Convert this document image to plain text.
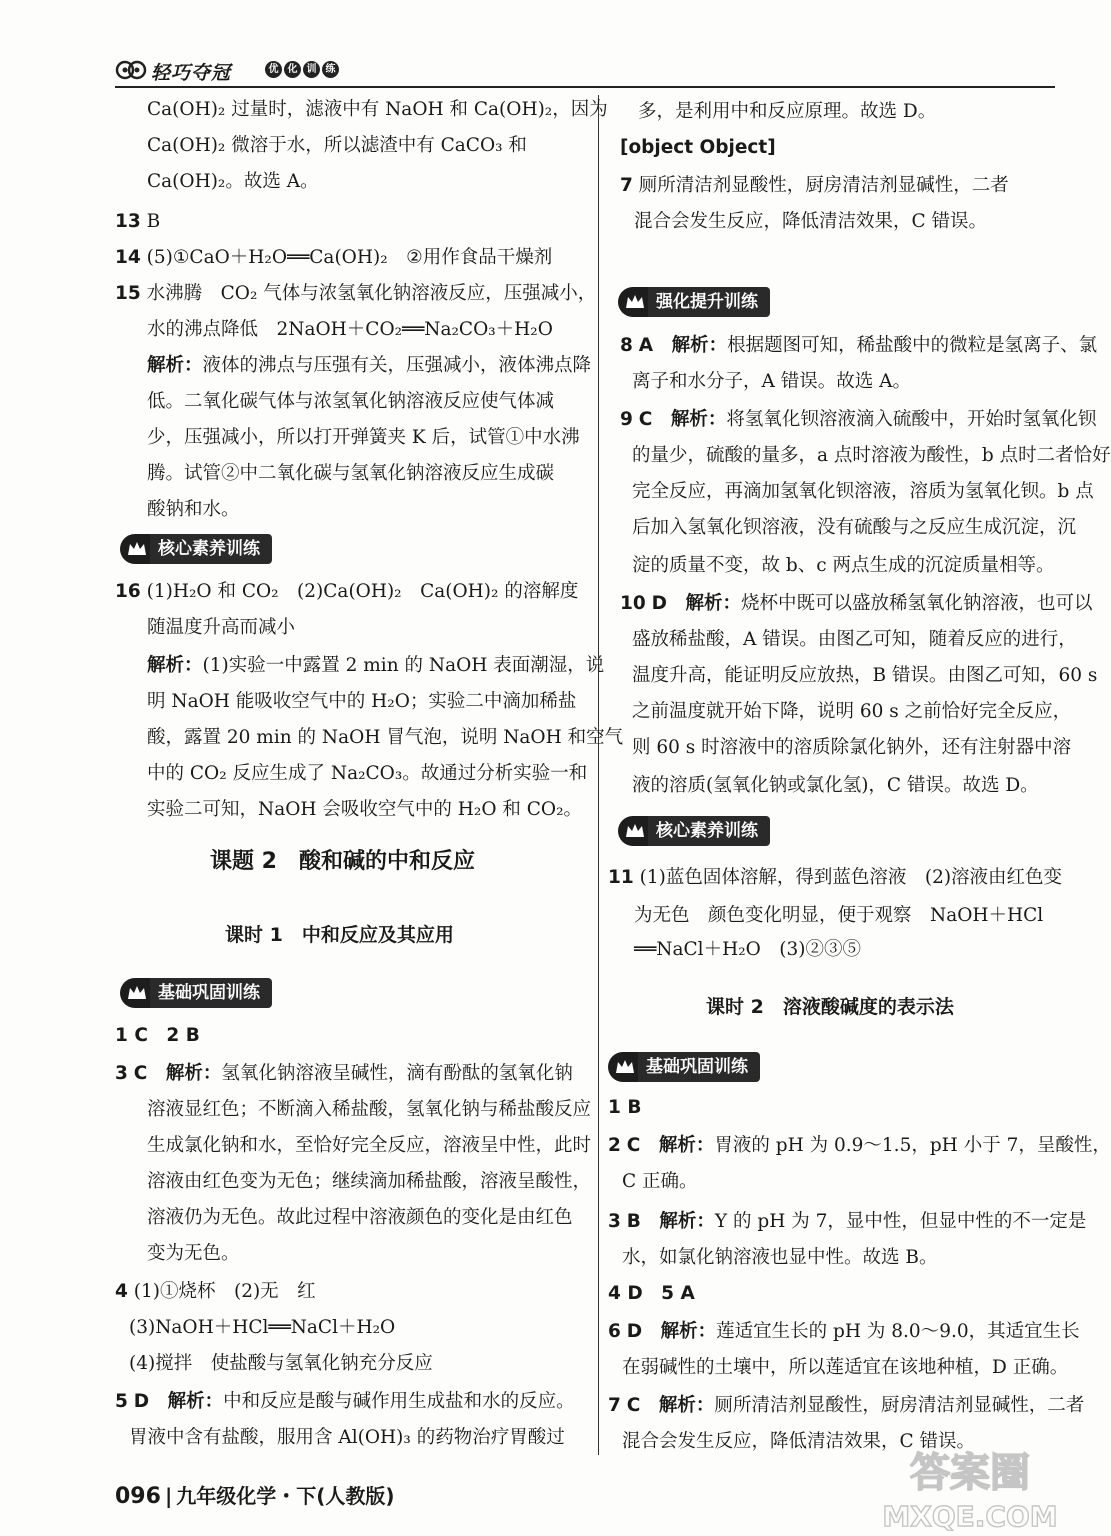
轻巧夺冠	优 化 训 练
Ca(OH)₂ 过量时，滤液中有 NaOH 和 Ca(OH)₂，因为
Ca(OH)₂ 微溶于水，所以滤渣中有 CaCO₃ 和
Ca(OH)₂。故选 A。
13 B
14 (5)①CaO＋H₂O══Ca(OH)₂　②用作食品干燥剂
15 水沸腾　CO₂ 气体与浓氢氧化钠溶液反应，压强减小，
水的沸点降低　2NaOH＋CO₂══Na₂CO₃＋H₂O
解析：液体的沸点与压强有关，压强减小，液体沸点降
低。二氧化碳气体与浓氢氧化钠溶液反应使气体减
少，压强减小，所以打开弹簧夹 K 后，试管①中水沸
腾。试管②中二氧化碳与氢氧化钠溶液反应生成碳
酸钠和水。
核心素养训练
16 (1)H₂O 和 CO₂　(2)Ca(OH)₂　Ca(OH)₂ 的溶解度
随温度升高而减小
解析：(1)实验一中露置 2 min 的 NaOH 表面潮湿，说
明 NaOH 能吸收空气中的 H₂O；实验二中滴加稀盐
酸，露置 20 min 的 NaOH 冒气泡，说明 NaOH 和空气
中的 CO₂ 反应生成了 Na₂CO₃。故通过分析实验一和
实验二可知，NaOH 会吸收空气中的 H₂O 和 CO₂。
课题 2　酸和碱的中和反应
课时 1　中和反应及其应用
基础巩固训练
1 C　2 B
3 C　 解析：氢氧化钠溶液呈碱性，滴有酚酞的氢氧化钠
溶液显红色；不断滴入稀盐酸，氢氧化钠与稀盐酸反应
生成氯化钠和水，至恰好完全反应，溶液呈中性，此时
溶液由红色变为无色；继续滴加稀盐酸，溶液呈酸性，
溶液仍为无色。故此过程中溶液颜色的变化是由红色
变为无色。
4 (1)①烧杯　(2)无　红
(3)NaOH＋HCl══NaCl＋H₂O
(4)搅拌　使盐酸与氢氧化钠充分反应
5 D　 解析：中和反应是酸与碱作用生成盐和水的反应。
胃液中含有盐酸，服用含 Al(OH)₃ 的药物治疗胃酸过
多，是利用中和反应原理。故选 D。
[object Object]
7 厕所清洁剂显酸性，厨房清洁剂显碱性，二者
混合会发生反应，降低清洁效果，C 错误。
强化提升训练
8 A　 解析：根据题图可知，稀盐酸中的微粒是氢离子、氯
离子和水分子，A 错误。故选 A。
9 C　 解析：将氢氧化钡溶液滴入硫酸中，开始时氢氧化钡
的量少，硫酸的量多，a 点时溶液为酸性，b 点时二者恰好
完全反应，再滴加氢氧化钡溶液，溶质为氢氧化钡。b 点
后加入氢氧化钡溶液，没有硫酸与之反应生成沉淀，沉
淀的质量不变，故 b、c 两点生成的沉淀质量相等。
10 D　 解析：烧杯中既可以盛放稀氢氧化钠溶液，也可以
盛放稀盐酸，A 错误。由图乙可知，随着反应的进行，
温度升高，能证明反应放热，B 错误。由图乙可知，60 s
之前温度就开始下降，说明 60 s 之前恰好完全反应，
则 60 s 时溶液中的溶质除氯化钠外，还有注射器中溶
液的溶质(氢氧化钠或氯化氢)，C 错误。故选 D。
核心素养训练
11 (1)蓝色固体溶解，得到蓝色溶液　(2)溶液由红色变
为无色　颜色变化明显，便于观察　NaOH＋HCl
══NaCl＋H₂O　(3)②③⑤
课时 2　溶液酸碱度的表示法
基础巩固训练
1 B
2 C　 解析：胃液的 pH 为 0.9～1.5，pH 小于 7，呈酸性，
C 正确。
3 B　 解析：Y 的 pH 为 7，显中性，但显中性的不一定是
水，如氯化钠溶液也显中性。故选 B。
4 D　5 A
6 D　 解析：莲适宜生长的 pH 为 8.0～9.0，其适宜生长
在弱碱性的土壤中，所以莲适宜在该地种植，D 正确。
7 C　 解析：厕所清洁剂显酸性，厨房清洁剂显碱性，二者
混合会发生反应，降低清洁效果，C 错误。
096 | 九年级化学・下(人教版)	答案圈
MXQE.COM
